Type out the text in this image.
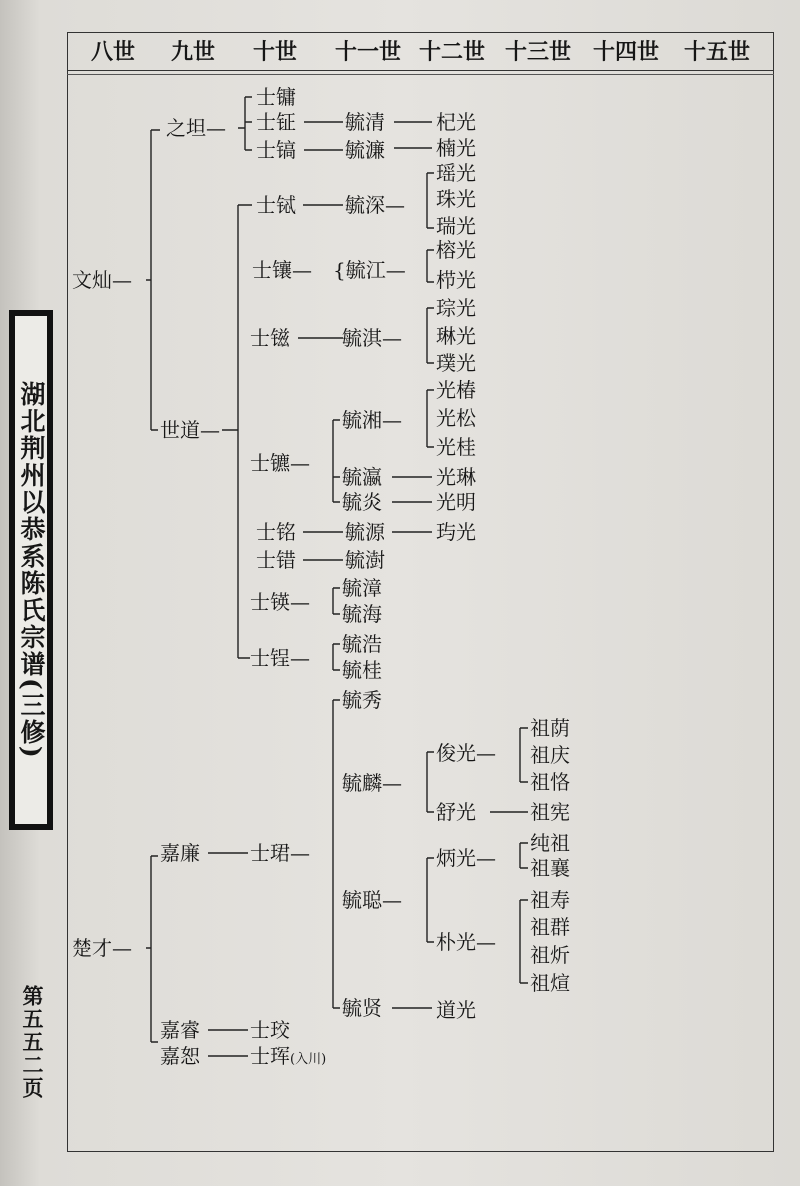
八世 九世 十世 十一世 十二世 十三世 十四世 十五世
文灿—
楚才—
之坦—
世道—
嘉廉
嘉睿
嘉恕
士镛
士钲
士镐
士铽
士镶—
士镃
士镳—
士铭
士错
士锳—
士锃—
士珺—
士珓
士珲(入川)
毓清
毓濂
毓深—
{毓江—
毓淇—
毓湘—
毓瀛
毓炎
毓源
毓澍
毓漳
毓海
毓浩
毓桂
毓秀
毓麟—
毓聪—
毓贤
杞光
楠光
瑶光
珠光
瑞光
榕光
栉光
琮光
琳光
璞光
光椿
光松
光桂
光琳
光明
玙光
俊光—
舒光
炳光—
朴光—
道光
祖荫
祖庆
祖恪
祖宪
纯祖
祖襄
祖寿
祖群
祖炘
祖煊
湖北荆州以恭系陈氏宗谱(三修)
第五五二页
